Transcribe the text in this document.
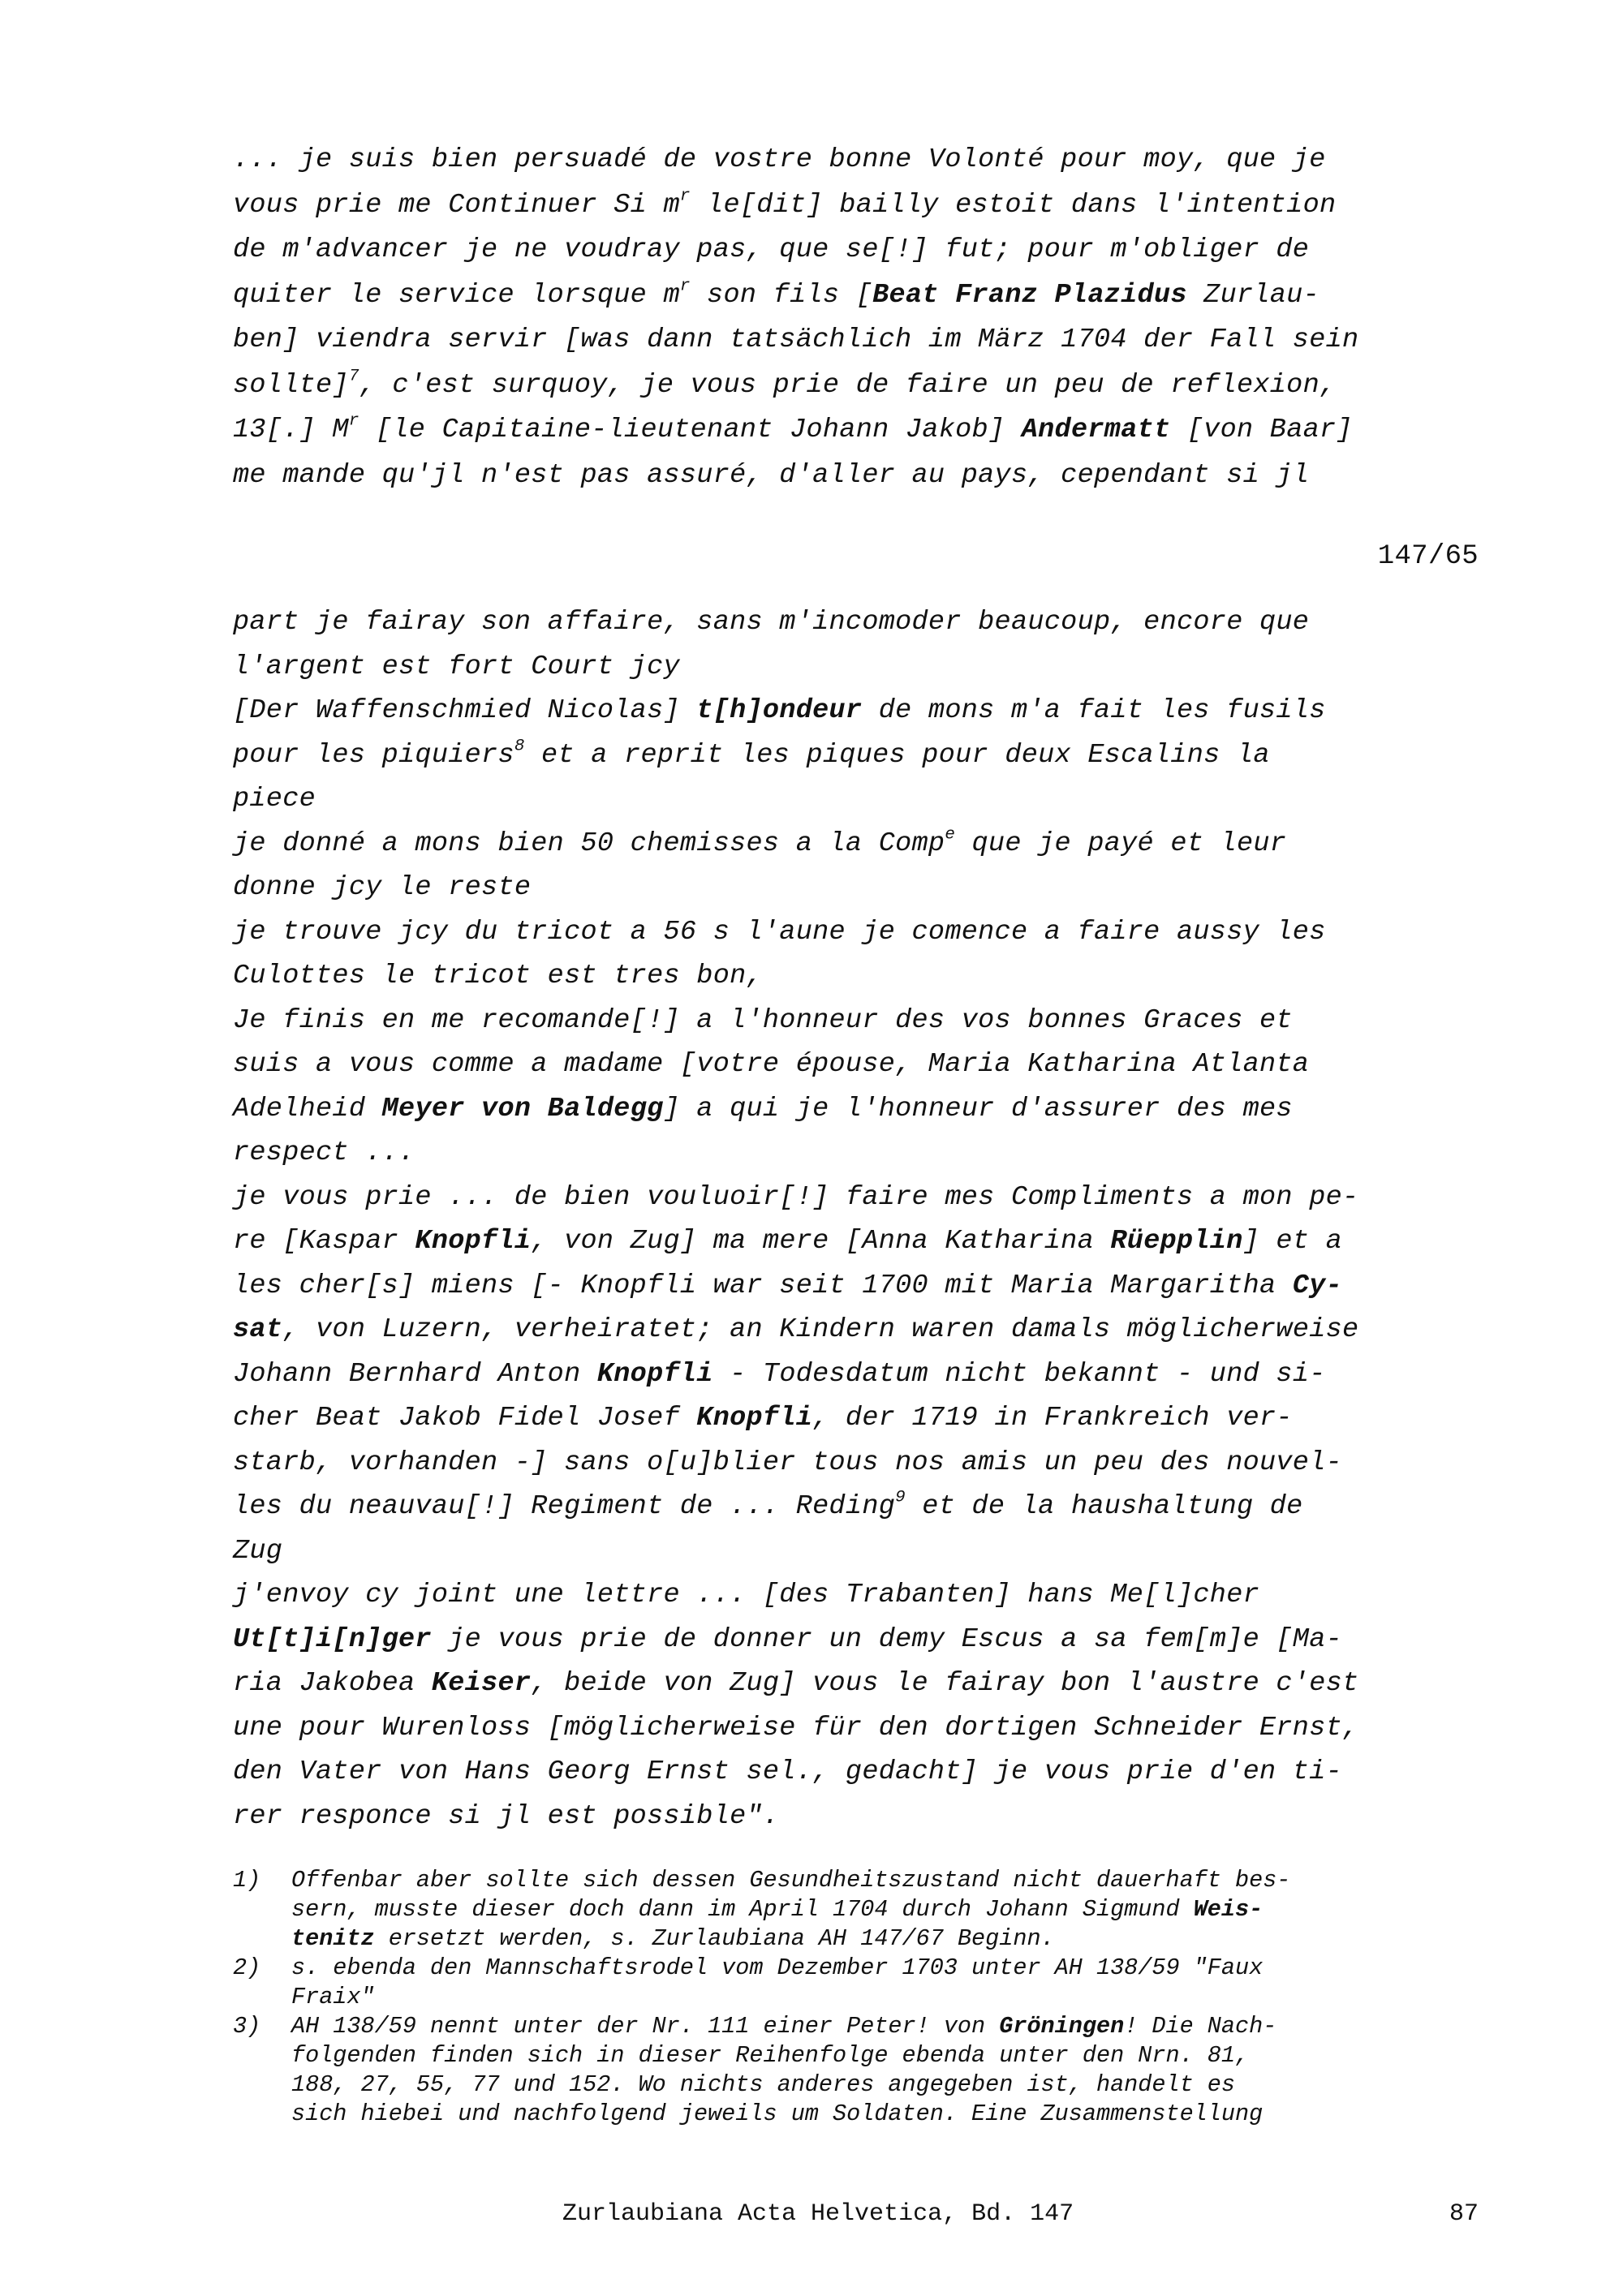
... je suis bien persuadé de vostre bonne Volonté pour moy, que je
vous prie me Continuer Si $m^r$ le[dit] bailly estoit dans l'intention
de m'advancer je ne voudray pas, que se[!] fut; pour m'obliger de
quiter le service lorsque $m^r$ son fils [Beat Franz Plazidus Zurlau-
ben] viendra servir [was dann tatsächlich im März 1704 der Fall sein
sollte]$^7$, c'est surquoy, je vous prie de faire un peu de reflexion,
13[.] $M^r$ [le Capitaine-lieutenant Johann Jakob] Andermatt [von Baar]
me mande qu'jl n'est pas assuré, d'aller au pays, cependant si jl
147/65
part je fairay son affaire, sans m'incomoder beaucoup, encore que
l'argent est fort Court jcy
[Der Waffenschmied Nicolas] t[h]ondeur de mons m'a fait les fusils
pour les piquiers$^8$ et a reprit les piques pour deux Escalins la
piece
je donné a mons bien 50 chemisses a la Comp$^e$ que je payé et leur
donne jcy le reste
je trouve jcy du tricot a 56 s l'aune je comence a faire aussy les
Culottes le tricot est tres bon,
Je finis en me recomande[!] a l'honneur des vos bonnes Graces et
suis a vous comme a madame [votre épouse, Maria Katharina Atlanta
Adelheid Meyer von Baldegg] a qui je l'honneur d'assurer des mes
respect ...
je vous prie ... de bien vouluoir[!] faire mes Compliments a mon pe-
re [Kaspar Knopfli, von Zug] ma mere [Anna Katharina Rüepplin] et a
les cher[s] miens [- Knopfli war seit 1700 mit Maria Margaritha Cy-
sat, von Luzern, verheiratet; an Kindern waren damals möglicherweise
Johann Bernhard Anton Knopfli - Todesdatum nicht bekannt - und si-
cher Beat Jakob Fidel Josef Knopfli, der 1719 in Frankreich ver-
starb, vorhanden -] sans o[u]blier tous nos amis un peu des nouvel-
les du neauvau[!] Regiment de ... Reding$^9$ et de la haushaltung de
Zug
j'envoy cy joint une lettre ... [des Trabanten] hans Me[l]cher
Ut[t]i[n]ger je vous prie de donner un demy Escus a sa fem[m]e [Ma-
ria Jakobea Keiser, beide von Zug] vous le fairay bon l'austre c'est
une pour Wurenloss [möglicherweise für den dortigen Schneider Ernst,
den Vater von Hans Georg Ernst sel., gedacht] je vous prie d'en ti-
rer responce si jl est possible".
1) Offenbar aber sollte sich dessen Gesundheitszustand nicht dauerhaft bes-
sern, musste dieser doch dann im April 1704 durch Johann Sigmund Weis-
tenitz ersetzt werden, s. Zurlaubiana AH 147/67 Beginn.
2) s. ebenda den Mannschaftsrodel vom Dezember 1703 unter AH 138/59 "Faux
Fraix"
3) AH 138/59 nennt unter der Nr. 111 einer Peter! von Gröningen! Die Nach-
folgenden finden sich in dieser Reihenfolge ebenda unter den Nrn. 81,
188, 27, 55, 77 und 152. Wo nichts anderes angegeben ist, handelt es
sich hiebei und nachfolgend jeweils um Soldaten. Eine Zusammenstellung
Zurlaubiana Acta Helvetica, Bd. 147	87
